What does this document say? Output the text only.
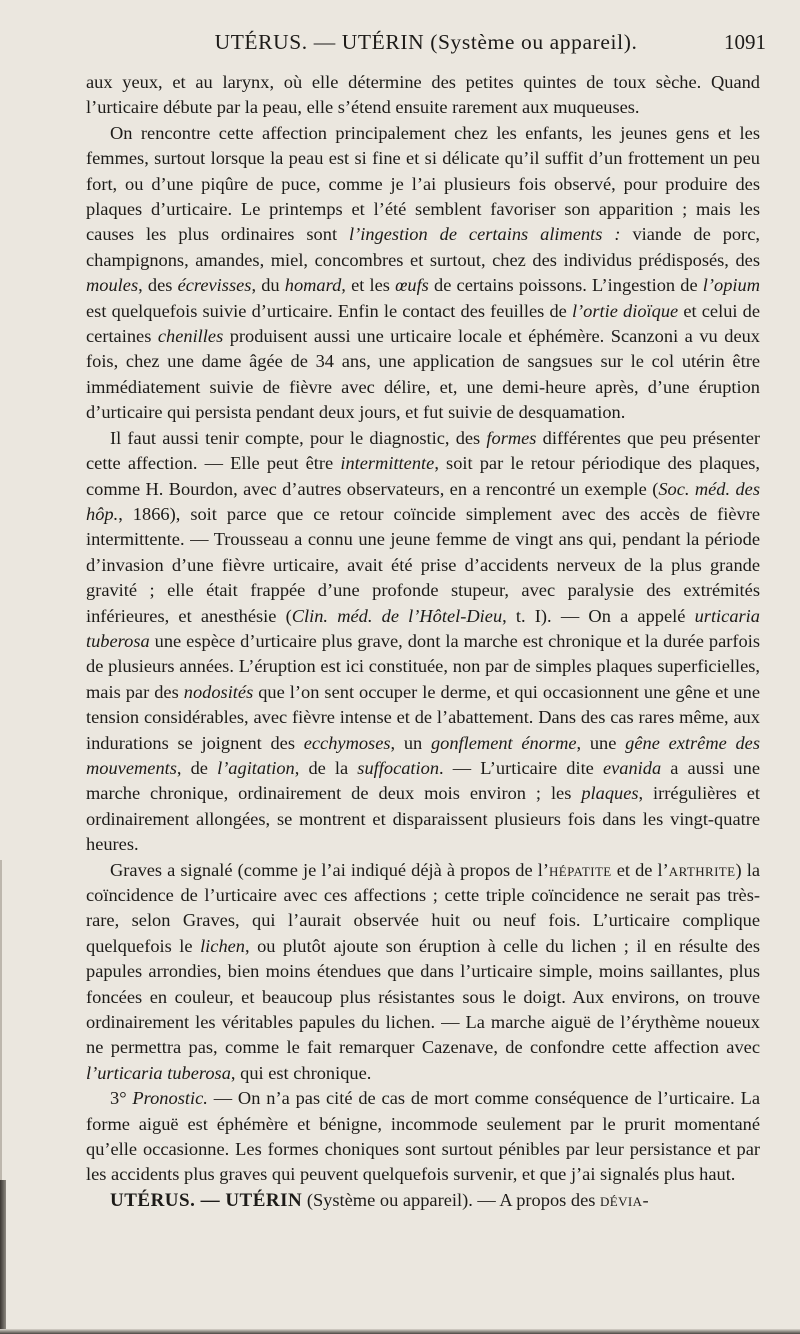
UTÉRUS. — UTÉRIN (Système ou appareil).	1091

aux yeux, et au larynx, où elle détermine des petites quintes de toux sèche. Quand l’urticaire débute par la peau, elle s’étend ensuite rarement aux muqueuses.

On rencontre cette affection principalement chez les enfants, les jeunes gens et les femmes, surtout lorsque la peau est si fine et si délicate qu’il suffit d’un frottement un peu fort, ou d’une piqûre de puce, comme je l’ai plusieurs fois observé, pour produire des plaques d’urticaire. Le printemps et l’été semblent favoriser son apparition ; mais les causes les plus ordinaires sont l’ingestion de certains aliments : viande de porc, champignons, amandes, miel, concombres et surtout, chez des individus prédisposés, des moules, des écrevisses, du homard, et les œufs de certains poissons. L’ingestion de l’opium est quelquefois suivie d’urticaire. Enfin le contact des feuilles de l’ortie dioïque et celui de certaines chenilles produisent aussi une urticaire locale et éphémère. Scanzoni a vu deux fois, chez une dame âgée de 34 ans, une application de sangsues sur le col utérin être immédiatement suivie de fièvre avec délire, et, une demi-heure après, d’une éruption d’urticaire qui persista pendant deux jours, et fut suivie de desquamation.

Il faut aussi tenir compte, pour le diagnostic, des formes différentes que peu présenter cette affection. — Elle peut être intermittente, soit par le retour périodique des plaques, comme H. Bourdon, avec d’autres observateurs, en a rencontré un exemple (Soc. méd. des hôp., 1866), soit parce que ce retour coïncide simplement avec des accès de fièvre intermittente. — Trousseau a connu une jeune femme de vingt ans qui, pendant la période d’invasion d’une fièvre urticaire, avait été prise d’accidents nerveux de la plus grande gravité ; elle était frappée d’une profonde stupeur, avec paralysie des extrémités inférieures, et anesthésie (Clin. méd. de l’Hôtel-Dieu, t. I). — On a appelé urticaria tuberosa une espèce d’urticaire plus grave, dont la marche est chronique et la durée parfois de plusieurs années. L’éruption est ici constituée, non par de simples plaques superficielles, mais par des nodosités que l’on sent occuper le derme, et qui occasionnent une gêne et une tension considérables, avec fièvre intense et de l’abattement. Dans des cas rares même, aux indurations se joignent des ecchymoses, un gonflement énorme, une gêne extrême des mouvements, de l’agitation, de la suffocation. — L’urticaire dite evanida a aussi une marche chronique, ordinairement de deux mois environ ; les plaques, irrégulières et ordinairement allongées, se montrent et disparaissent plusieurs fois dans les vingt-quatre heures.

Graves a signalé (comme je l’ai indiqué déjà à propos de l’hépatite et de l’arthrite) la coïncidence de l’urticaire avec ces affections ; cette triple coïncidence ne serait pas très-rare, selon Graves, qui l’aurait observée huit ou neuf fois. L’urticaire complique quelquefois le lichen, ou plutôt ajoute son éruption à celle du lichen ; il en résulte des papules arrondies, bien moins étendues que dans l’urticaire simple, moins saillantes, plus foncées en couleur, et beaucoup plus résistantes sous le doigt. Aux environs, on trouve ordinairement les véritables papules du lichen. — La marche aiguë de l’érythème noueux ne permettra pas, comme le fait remarquer Cazenave, de confondre cette affection avec l’urticaria tuberosa, qui est chronique.

3° Pronostic. — On n’a pas cité de cas de mort comme conséquence de l’urticaire. La forme aiguë est éphémère et bénigne, incommode seulement par le prurit momentané qu’elle occasionne. Les formes choniques sont surtout pénibles par leur persistance et par les accidents plus graves qui peuvent quelquefois survenir, et que j’ai signalés plus haut.

UTÉRUS. — UTÉRIN (Système ou appareil). — A propos des dévia-
